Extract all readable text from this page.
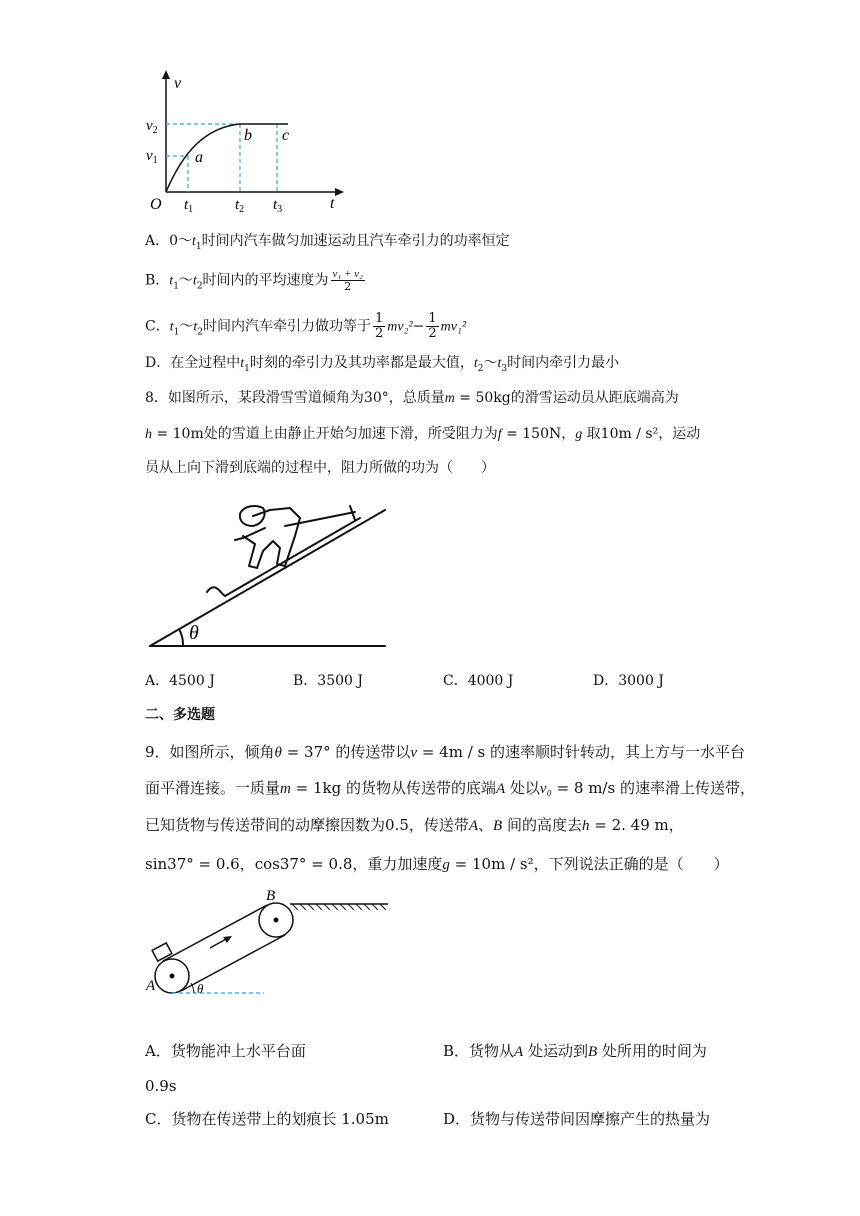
v
t
O
$v_2$
$v_1$
$t_1$	$t_2$ $t_3$
a
b c
A．$0\sim t_1$时间内汽车做匀加速运动且汽车牵引力的功率恒定
B．$t_1\sim t_2$时间内的平均速度为 $\frac{\text{v₁ + v₂}}{2}$
C．$t_1\sim t_2$时间内汽车牵引力做功等于 $\frac{1}{2} mv_2^2- \frac{1}{2} mv_1^2$
D．在全过程中$t_1$时刻的牵引力及其功率都是最大值，$t_2\sim t_3$时间内牵引力最小
8．如图所示，某段滑雪雪道倾角为30°，总质量m = 50kg的滑雪运动员从距底端高为
h = 10m处的雪道上由静止开始匀加速下滑，所受阻力为f = 150N，g 取10m / s²，运动
员从上向下滑到底端的过程中，阻力所做的功为（　　）
θ
A．4500 J	B．3500 J	C．4000 J	D．3000 J
二、多选题
9．如图所示，倾角θ = 37° 的传送带以v = 4m / s 的速率顺时针转动，其上方与一水平台
面平滑连接。一质量m = 1kg 的货物从传送带的底端A 处以v₀ = 8 m/s 的速率滑上传送带，
已知货物与传送带间的动摩擦因数为0.5，传送带A、B 间的高度去h = 2. 49 m，
sin37° = 0.6，cos37° = 0.8，重力加速度g = 10m / s²，下列说法正确的是（　　）
A
B
θ
A．货物能冲上水平台面	B．货物从A 处运动到B 处所用的时间为
0.9s
C．货物在传送带上的划痕长 1.05m	D．货物与传送带间因摩擦产生的热量为
